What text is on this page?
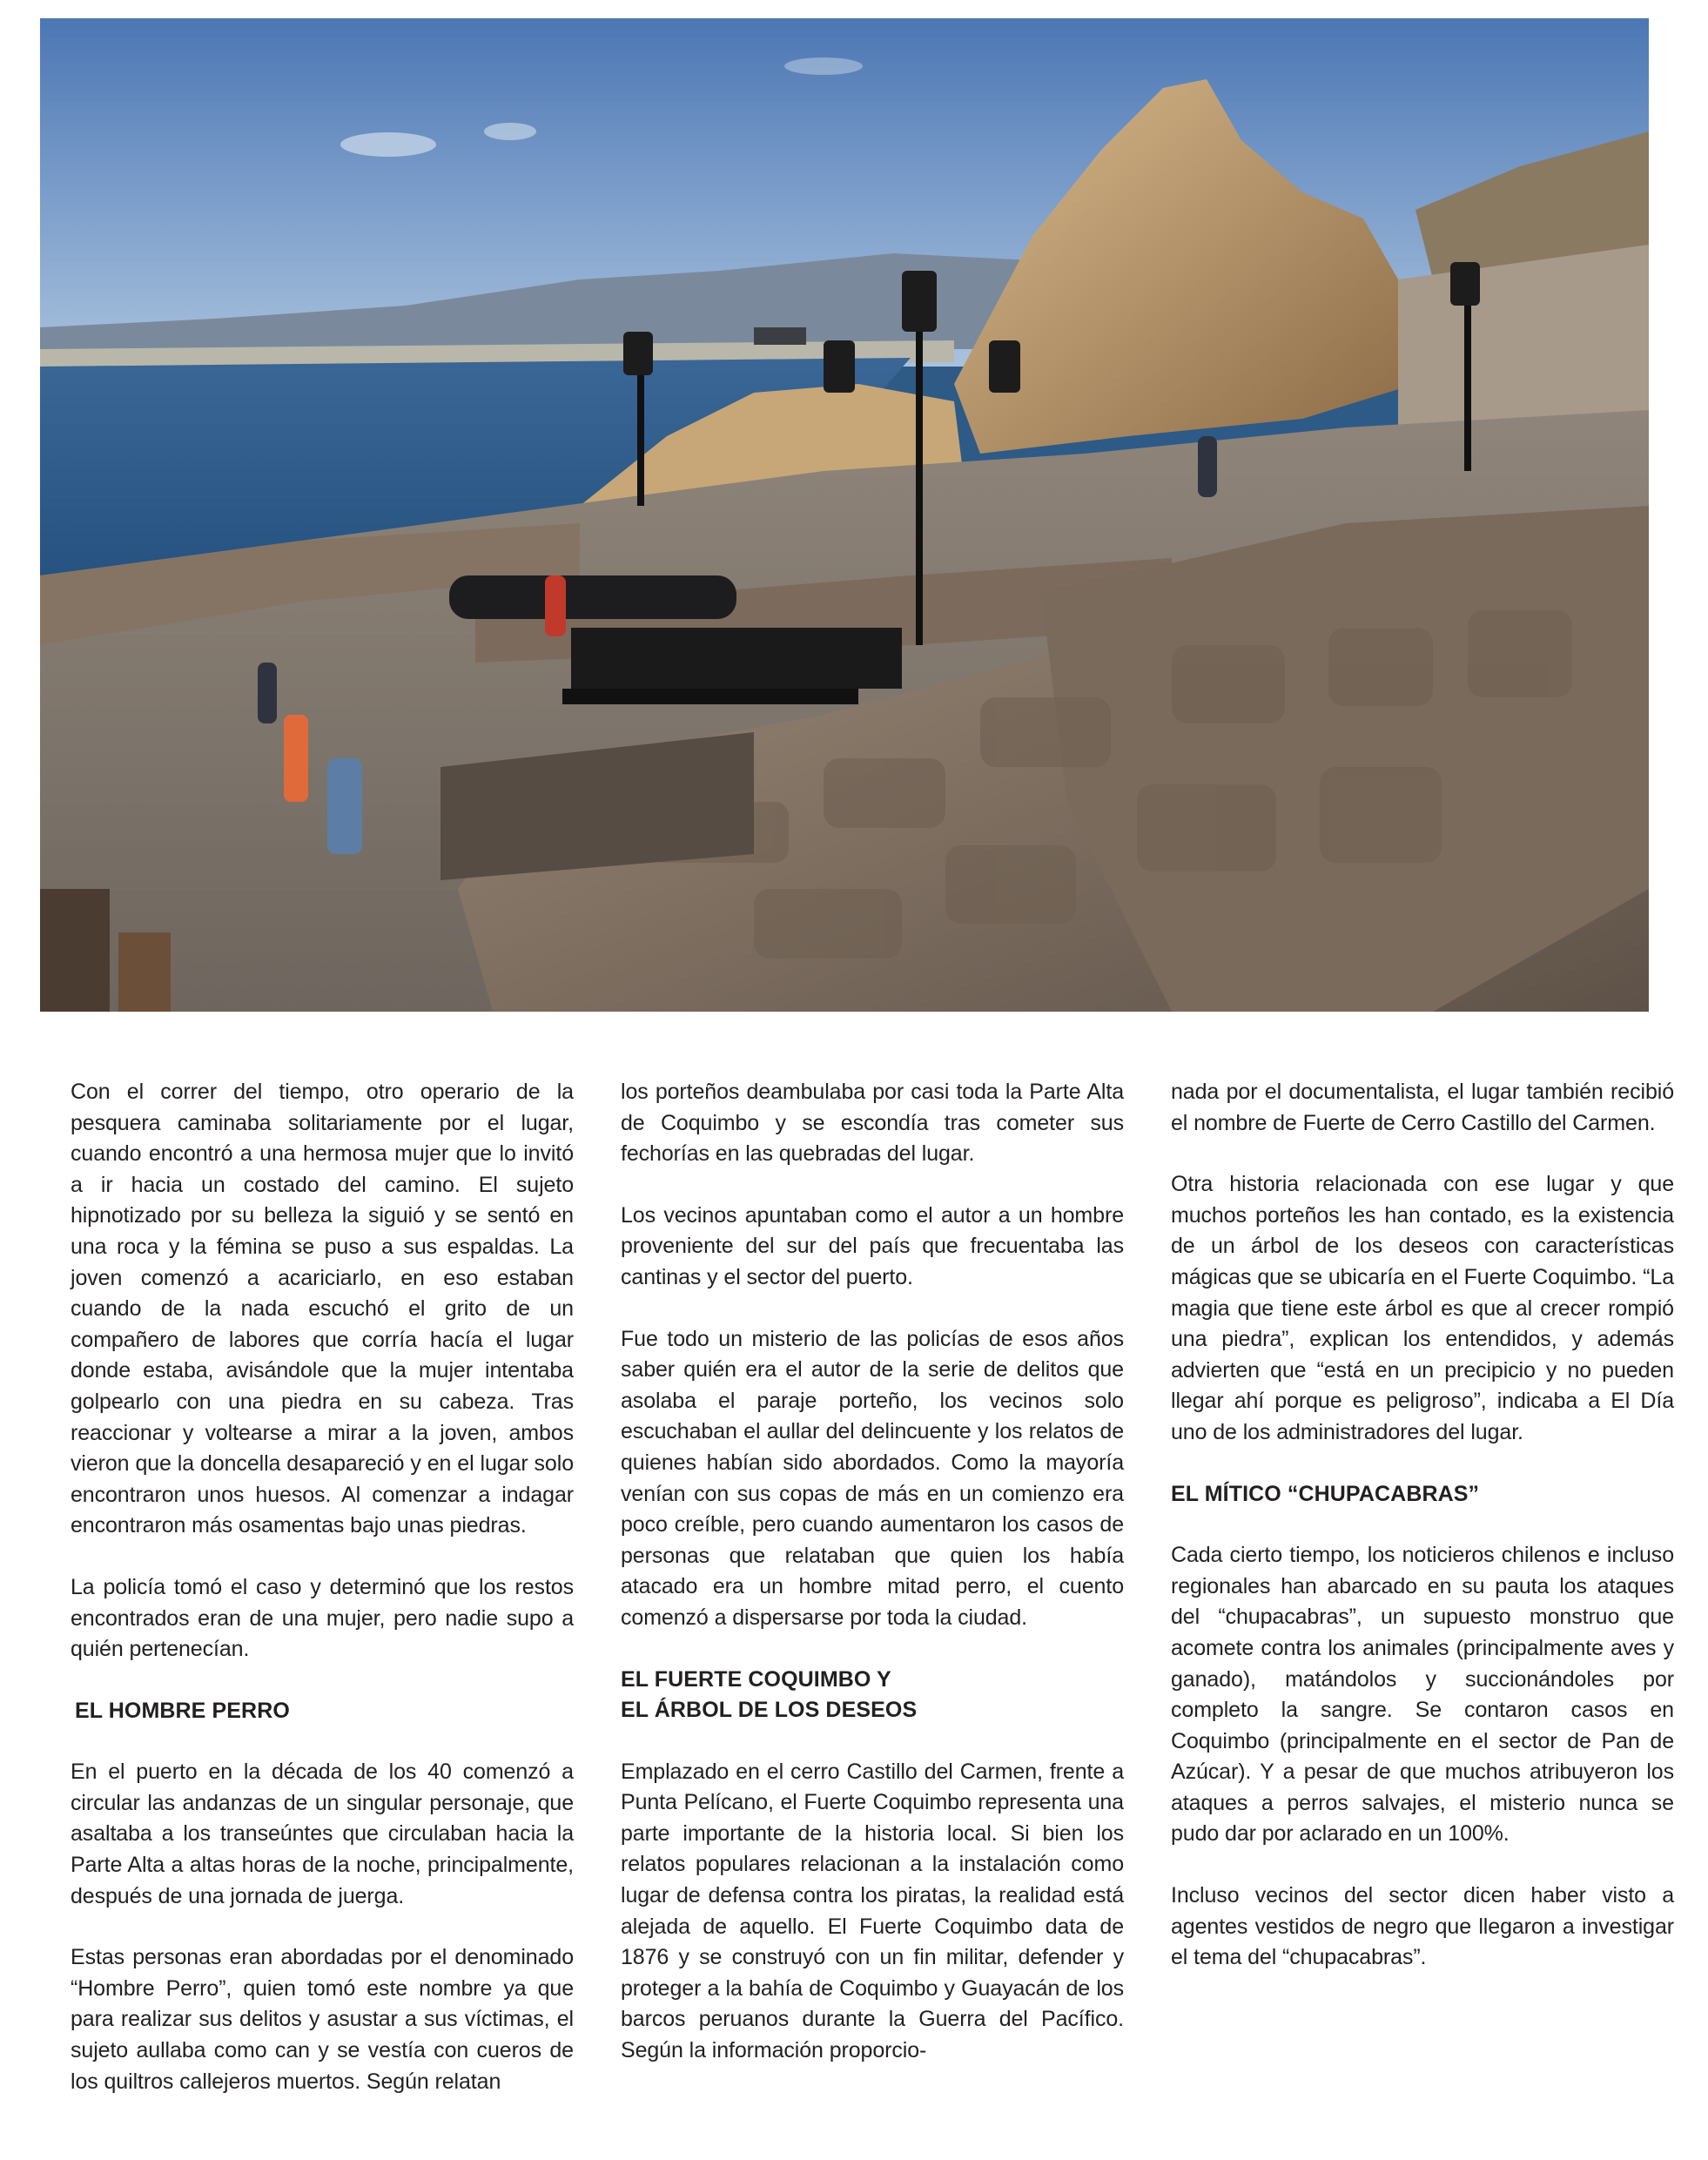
Con el correr del tiempo, otro operario de la pesquera caminaba solitariamente por el lugar, cuando encontró a una hermosa mujer que lo invitó a ir hacia un costado del camino. El sujeto hipnotizado por su belleza la siguió y se sentó en una roca y la fémina se puso a sus espaldas. La joven comenzó a acariciarlo, en eso estaban cuando de la nada escuchó el grito de un compañero de labores que corría hacía el lugar donde estaba, avisándole que la mujer intentaba golpearlo con una piedra en su cabeza. Tras reaccionar y voltearse a mirar a la joven, ambos vieron que la doncella desapareció y en el lugar solo encontraron unos huesos. Al comenzar a indagar encontraron más osamentas bajo unas piedras.

La policía tomó el caso y determinó que los restos encontrados eran de una mujer, pero nadie supo a quién pertenecían.

EL HOMBRE PERRO

En el puerto en la década de los 40 comenzó a circular las andanzas de un singular personaje, que asaltaba a los transeúntes que circulaban hacia la Parte Alta a altas horas de la noche, principalmente, después de una jornada de juerga.

Estas personas eran abordadas por el denominado “Hombre Perro”, quien tomó este nombre ya que para realizar sus delitos y asustar a sus víctimas, el sujeto aullaba como can y se vestía con cueros de los quiltros callejeros muertos. Según relatan

los porteños deambulaba por casi toda la Parte Alta de Coquimbo y se escondía tras cometer sus fechorías en las quebradas del lugar.

Los vecinos apuntaban como el autor a un hombre proveniente del sur del país que frecuentaba las cantinas y el sector del puerto.

Fue todo un misterio de las policías de esos años saber quién era el autor de la serie de delitos que asolaba el paraje porteño, los vecinos solo escuchaban el aullar del delincuente y los relatos de quienes habían sido abordados. Como la mayoría venían con sus copas de más en un comienzo era poco creíble, pero cuando aumentaron los casos de personas que relataban que quien los había atacado era un hombre mitad perro, el cuento comenzó a dispersarse por toda la ciudad.

EL FUERTE COQUIMBO Y
EL ÁRBOL DE LOS DESEOS

Emplazado en el cerro Castillo del Carmen, frente a Punta Pelícano, el Fuerte Coquimbo representa una parte importante de la historia local. Si bien los relatos populares relacionan a la instalación como lugar de defensa contra los piratas, la realidad está alejada de aquello. El Fuerte Coquimbo data de 1876 y se construyó con un fin militar, defender y proteger a la bahía de Coquimbo y Guayacán de los barcos peruanos durante la Guerra del Pacífico. Según la información proporcio-

nada por el documentalista, el lugar también recibió el nombre de Fuerte de Cerro Castillo del Carmen.

Otra historia relacionada con ese lugar y que muchos porteños les han contado, es la existencia de un árbol de los deseos con características mágicas que se ubicaría en el Fuerte Coquimbo. “La magia que tiene este árbol es que al crecer rompió una piedra”, explican los entendidos, y además advierten que “está en un precipicio y no pueden llegar ahí porque es peligroso”, indicaba a El Día uno de los administradores del lugar.

EL MÍTICO “CHUPACABRAS”

Cada cierto tiempo, los noticieros chilenos e incluso regionales han abarcado en su pauta los ataques del “chupacabras”, un supuesto monstruo que acomete contra los animales (principalmente aves y ganado), matándolos y succionándoles por completo la sangre. Se contaron casos en Coquimbo (principalmente en el sector de Pan de Azúcar). Y a pesar de que muchos atribuyeron los ataques a perros salvajes, el misterio nunca se pudo dar por aclarado en un 100%.

Incluso vecinos del sector dicen haber visto a agentes vestidos de negro que llegaron a investigar el tema del “chupacabras”.
